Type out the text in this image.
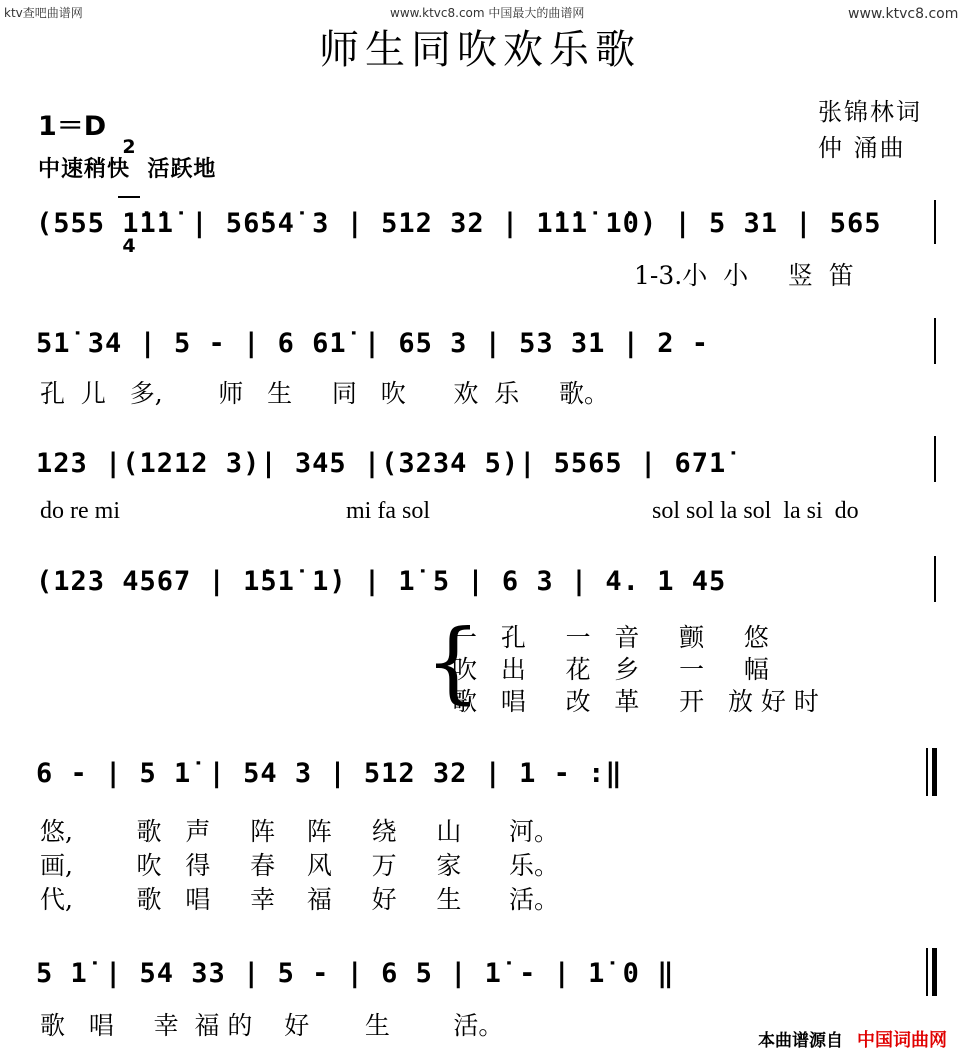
ktv查吧曲谱网	www.ktvc8.com 中国最大的曲谱网	www.ktvc8.com
师生同吹欢乐歌
张锦林词
仲 涌曲
1＝D

2

4

中速稍快  活跃地
(555 1̇1̇1̇ | 56̇54̇ 3 | 512 32 | 1̇1̇1̇ 1̇0) | 5 31 | 565
1-3.小  小     竖  笛
51̇ 34 | 5 - | 6 61̇ | 65 3 | 53 31 | 2 -
孔  儿   多,       师   生     同   吹      欢  乐     歌。
123 |(1212 3)| 345 |(3234 5)| 5565 | 671̇
do re mi	mi fa sol	sol sol la sol  la si  do
(123 4567 | 1̇51̇ 1̇) | 1̇ 5 | 6 3 | 4. 1 45
{
一   孔     一   音     颤     悠
吹   出     花   乡     一     幅
歌   唱     改   革     开   放 好 时
6 - | 5 1̇ | 54 3 | 512 32 | 1 - :‖
悠,        歌   声     阵    阵     绕     山      河。
画,        吹   得     春    风     万     家      乐。
代,        歌   唱     幸    福     好     生      活。
5 1̇ | 54 33 | 5 - | 6 5 | 1̇ - | 1̇ 0 ‖
歌   唱     幸  福 的    好       生        活。
本曲谱源自 中国词曲网
